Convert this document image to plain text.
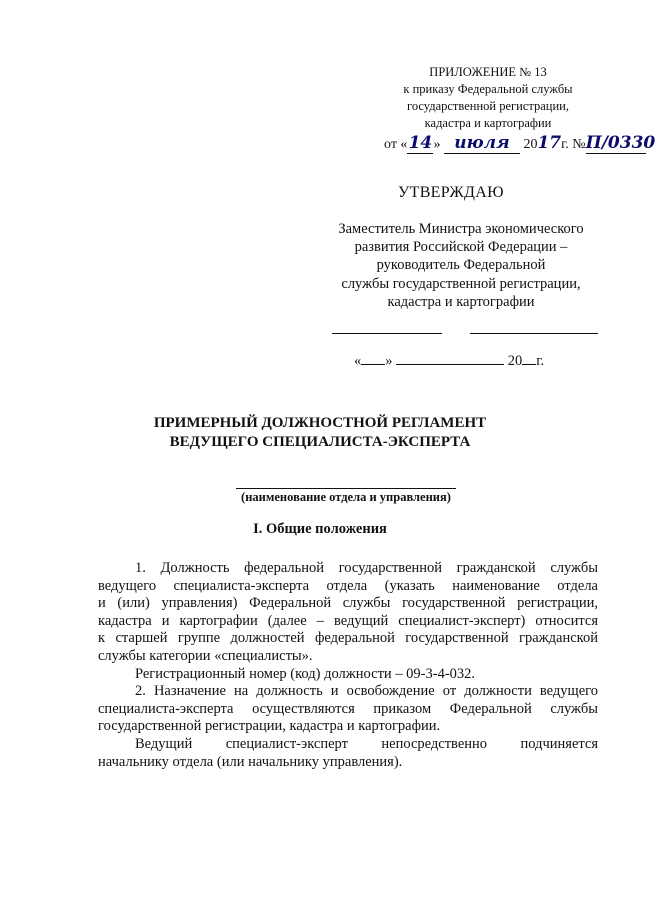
ПРИЛОЖЕНИЕ № 13
к приказу Федеральной службы
государственной регистрации,
кадастра и картографии
от «14» июля 2017г. №П/0330
УТВЕРЖДАЮ
Заместитель Министра экономического
развития Российской Федерации –
руководитель Федеральной
службы государственной регистрации,
кадастра и картографии
« »	20 г.
ПРИМЕРНЫЙ ДОЛЖНОСТНОЙ РЕГЛАМЕНТ
ВЕДУЩЕГО СПЕЦИАЛИСТА-ЭКСПЕРТА
(наименование отдела и управления)
I. Общие положения
1. Должность федеральной государственной гражданской службы
ведущего специалиста-эксперта отдела (указать наименование отдела
и (или) управления) Федеральной службы государственной регистрации,
кадастра и картографии (далее – ведущий специалист-эксперт) относится
к старшей группе должностей федеральной государственной гражданской
службы категории «специалисты».
Регистрационный номер (код) должности – 09-3-4-032.
2. Назначение на должность и освобождение от должности ведущего
специалиста-эксперта осуществляются приказом Федеральной службы
государственной регистрации, кадастра и картографии.
Ведущий специалист-эксперт непосредственно подчиняется
начальнику отдела (или начальнику управления).
